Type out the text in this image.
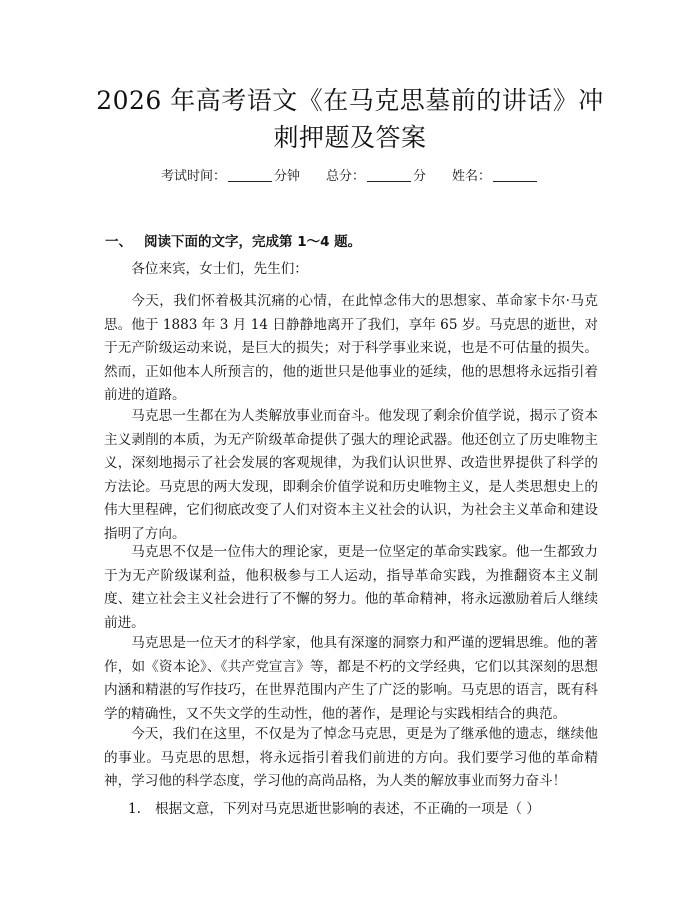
2026 年高考语文《在马克思墓前的讲话》冲
刺押题及答案
考试时间：	分钟 总分：	分 姓名：
一、 阅读下面的文字，完成第 1～4 题。

各位来宾，女士们，先生们：

今天，我们怀着极其沉痛的心情，在此悼念伟大的思想家、革命家卡尔·马克思。他于 1883 年 3 月 14 日静静地离开了我们，享年 65 岁。马克思的逝世，对于无产阶级运动来说，是巨大的损失；对于科学事业来说，也是不可估量的损失。然而，正如他本人所预言的，他的逝世只是他事业的延续，他的思想将永远指引着前进的道路。

马克思一生都在为人类解放事业而奋斗。他发现了剩余价值学说，揭示了资本主义剥削的本质，为无产阶级革命提供了强大的理论武器。他还创立了历史唯物主义，深刻地揭示了社会发展的客观规律，为我们认识世界、改造世界提供了科学的方法论。马克思的两大发现，即剩余价值学说和历史唯物主义，是人类思想史上的伟大里程碑，它们彻底改变了人们对资本主义社会的认识，为社会主义革命和建设指明了方向。

马克思不仅是一位伟大的理论家，更是一位坚定的革命实践家。他一生都致力于为无产阶级谋利益，他积极参与工人运动，指导革命实践，为推翻资本主义制度、建立社会主义社会进行了不懈的努力。他的革命精神，将永远激励着后人继续前进。

马克思是一位天才的科学家，他具有深邃的洞察力和严谨的逻辑思维。他的著作，如《资本论》、《共产党宣言》等，都是不朽的文学经典，它们以其深刻的思想内涵和精湛的写作技巧，在世界范围内产生了广泛的影响。马克思的语言，既有科学的精确性，又不失文学的生动性，他的著作，是理论与实践相结合的典范。

今天，我们在这里，不仅是为了悼念马克思，更是为了继承他的遗志，继续他的事业。马克思的思想，将永远指引着我们前进的方向。我们要学习他的革命精神，学习他的科学态度，学习他的高尚品格，为人类的解放事业而努力奋斗！

1. 根据文意，下列对马克思逝世影响的表述，不正确的一项是（ ）
